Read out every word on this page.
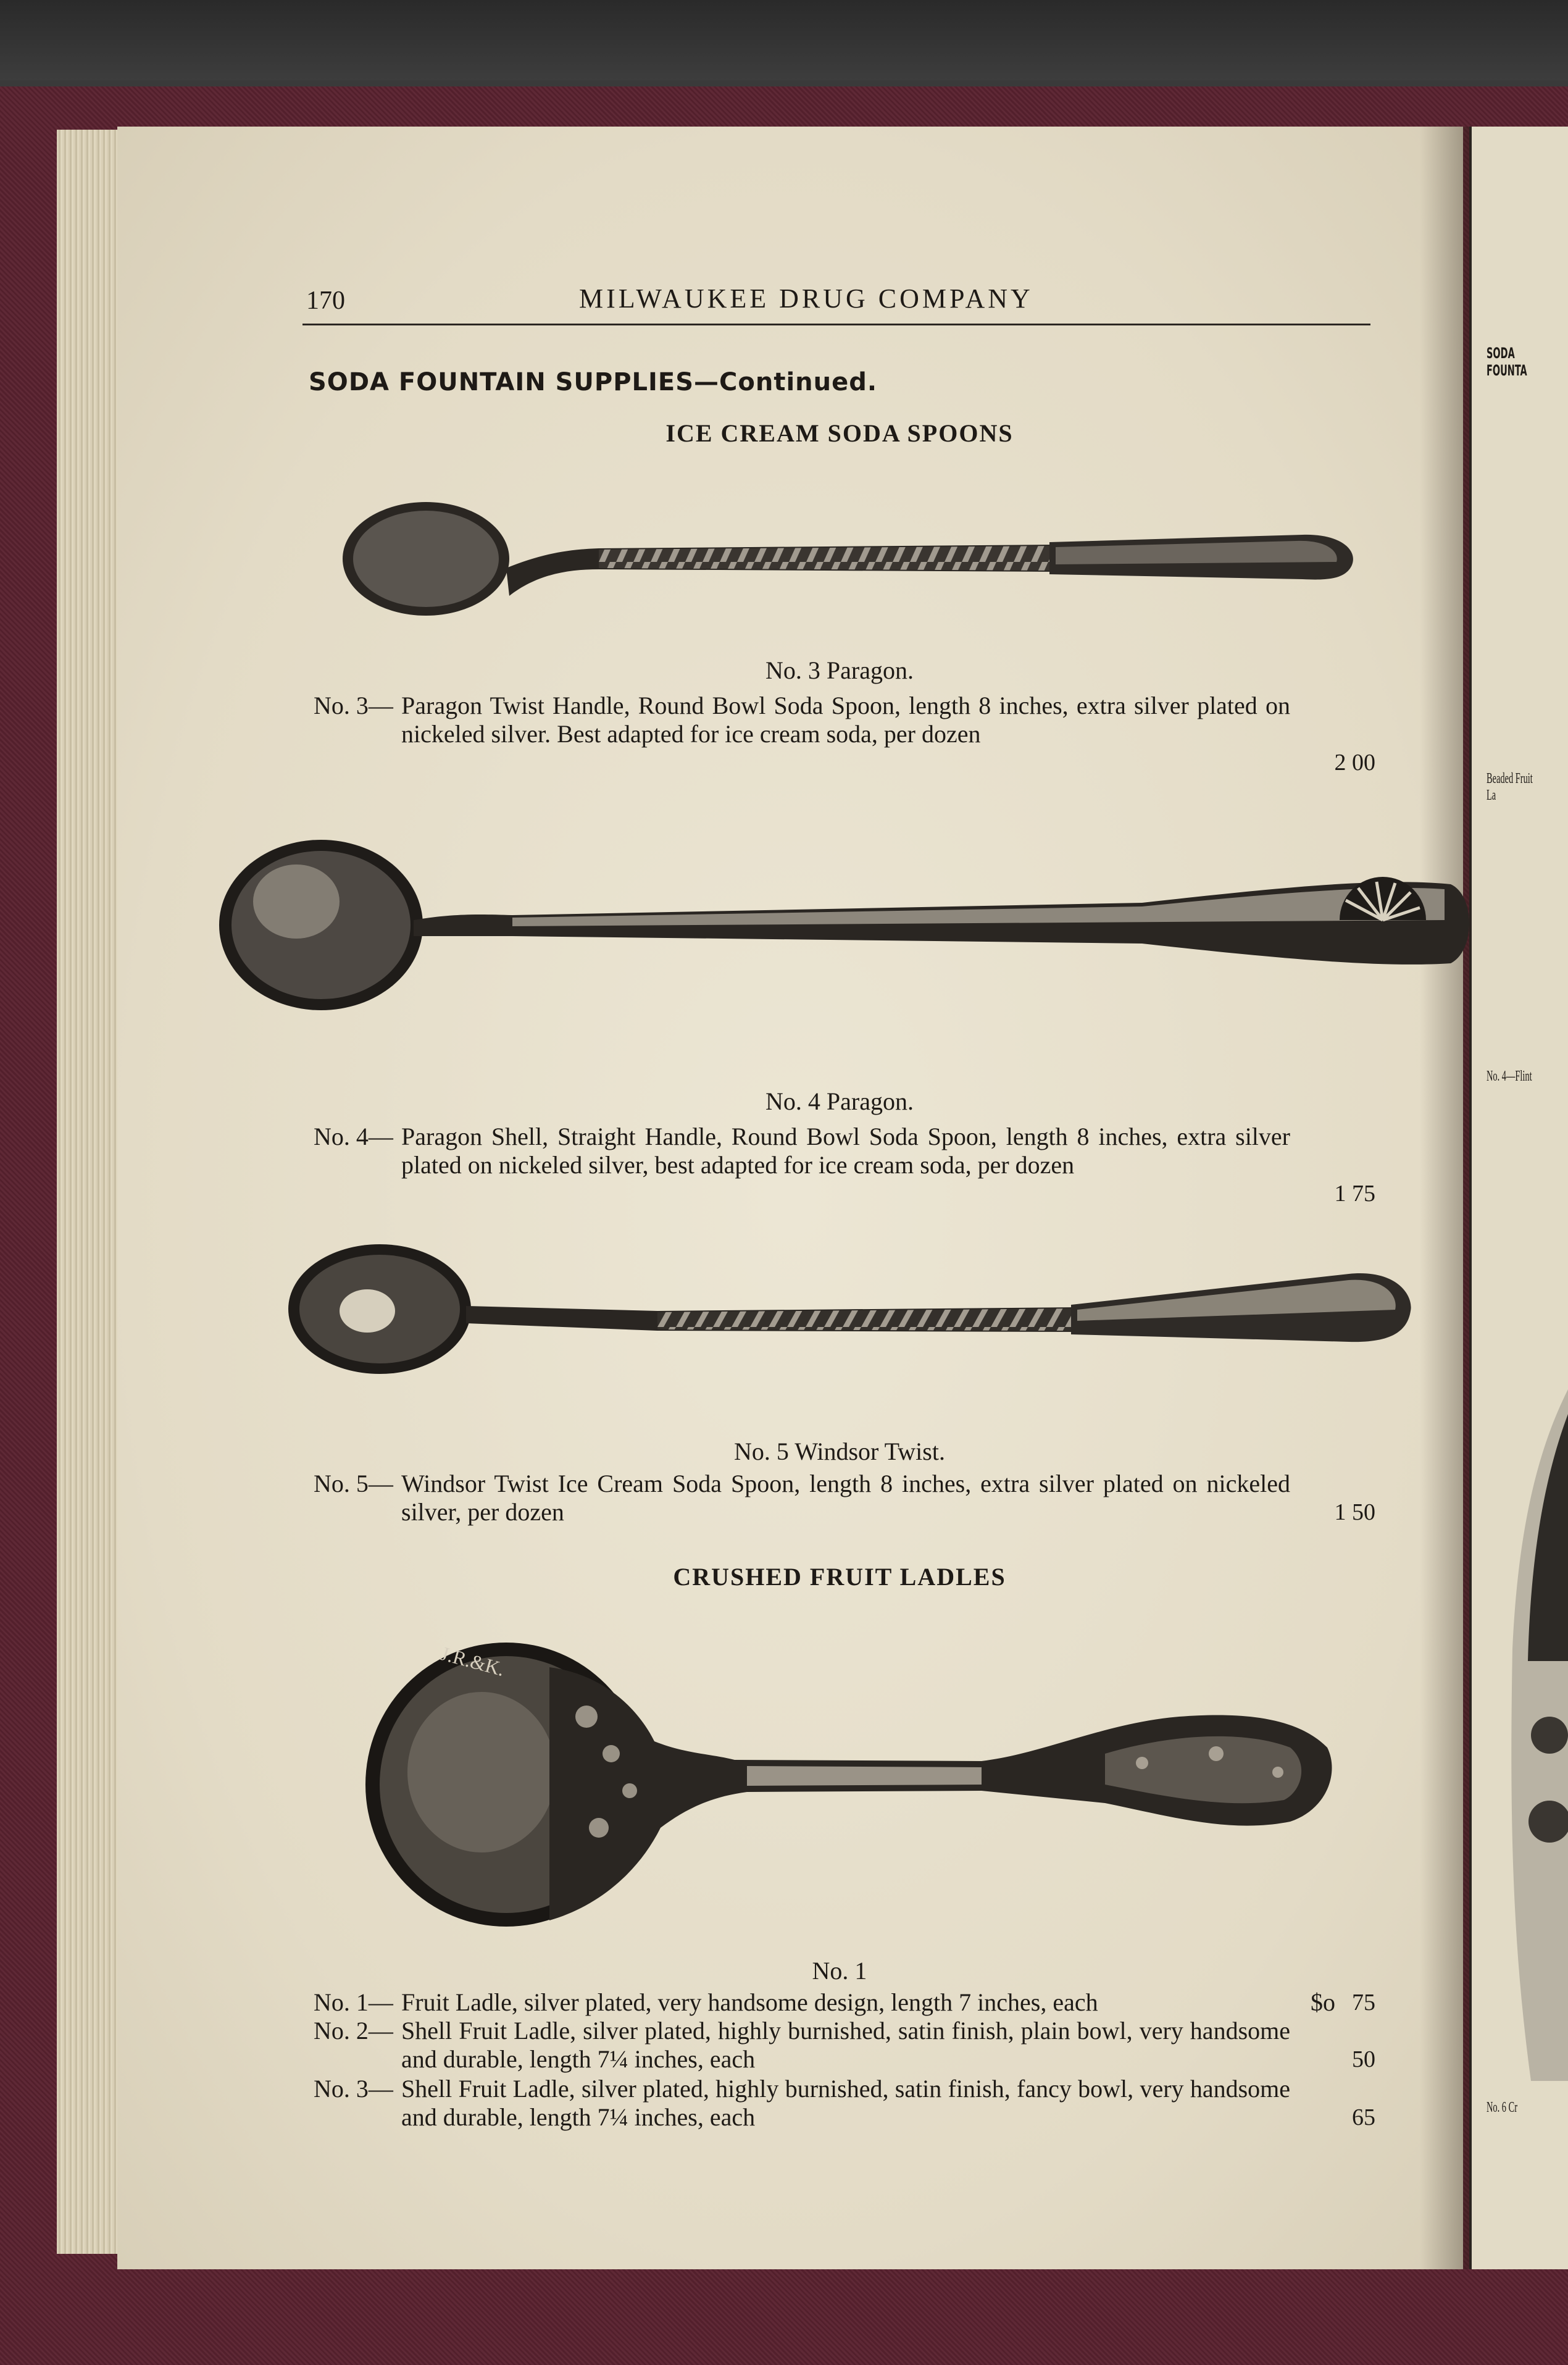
SODA FOUNTA
Beaded Fruit La
No. 4—Flint
No. 6 Cr
170	MILWAUKEE DRUG COMPANY
SODA FOUNTAIN SUPPLIES—Continued.
ICE CREAM SODA SPOONS
No. 3 Paragon.
No. 3— Paragon Twist Handle, Round Bowl Soda Spoon, length 8 inches, extra silver plated on nickeled silver. Best adapted for ice cream soda, per dozen
2 00
No. 4 Paragon.
No. 4— Paragon Shell, Straight Handle, Round Bowl Soda Spoon, length 8 inches, extra silver plated on nickeled silver, best adapted for ice cream soda, per dozen
1 75
No. 5 Windsor Twist.
No. 5— Windsor Twist Ice Cream Soda Spoon, length 8 inches, extra silver plated on nickeled silver, per dozen	1 50
CRUSHED FRUIT LADLES
J.R.&K.
No. 1
No. 1— Fruit Ladle, silver plated, very handsome design, length 7 inches, each	$o 75
No. 2— Shell Fruit Ladle, silver plated, highly burnished, satin finish, plain bowl, very handsome and durable, length 7¼ inches, each	50
No. 3— Shell Fruit Ladle, silver plated, highly burnished, satin finish, fancy bowl, very handsome and durable, length 7¼ inches, each	65
